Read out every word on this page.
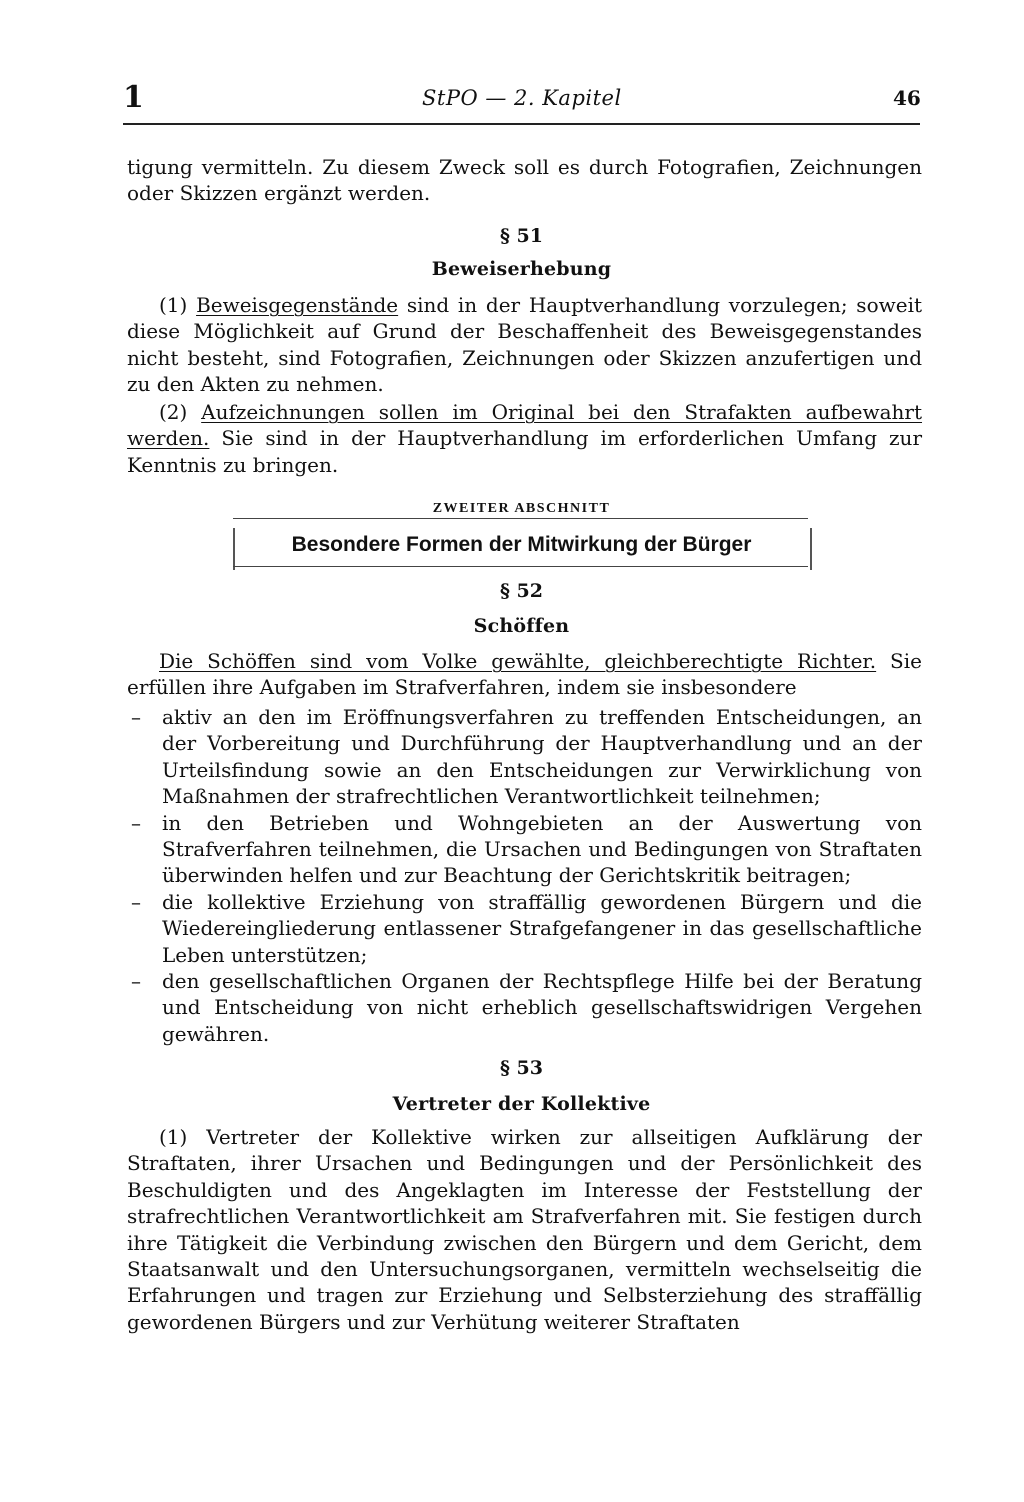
1	StPO — 2. Kapitel	46
tigung vermitteln. Zu diesem Zweck soll es durch Fotografien, Zeichnungen oder Skizzen ergänzt werden.
§ 51
Beweiserhebung
(1) Beweisgegenstände sind in der Hauptverhandlung vorzulegen; soweit diese Möglichkeit auf Grund der Beschaffenheit des Beweisgegenstandes nicht besteht, sind Fotografien, Zeichnungen oder Skizzen anzufertigen und zu den Akten zu nehmen.
(2) Aufzeichnungen sollen im Original bei den Strafakten aufbewahrt werden. Sie sind in der Hauptverhandlung im erforderlichen Umfang zur Kenntnis zu bringen.
ZWEITER ABSCHNITT
Besondere Formen der Mitwirkung der Bürger
§ 52
Schöffen
Die Schöffen sind vom Volke gewählte, gleichberechtigte Richter. Sie erfüllen ihre Aufgaben im Strafverfahren, indem sie insbesondere
– aktiv an den im Eröffnungsverfahren zu treffenden Entscheidungen, an der Vorbereitung und Durchführung der Hauptverhandlung und an der Urteilsfindung sowie an den Entscheidungen zur Verwirklichung von Maßnahmen der strafrechtlichen Verantwortlichkeit teilnehmen;
– in den Betrieben und Wohngebieten an der Auswertung von Strafverfahren teilnehmen, die Ursachen und Bedingungen von Straftaten überwinden helfen und zur Beachtung der Gerichtskritik beitragen;
– die kollektive Erziehung von straffällig gewordenen Bürgern und die Wiedereingliederung entlassener Strafgefangener in das gesellschaftliche Leben unterstützen;
– den gesellschaftlichen Organen der Rechtspflege Hilfe bei der Beratung und Entscheidung von nicht erheblich gesellschaftswidrigen Vergehen gewähren.
§ 53
Vertreter der Kollektive
(1) Vertreter der Kollektive wirken zur allseitigen Aufklärung der Straftaten, ihrer Ursachen und Bedingungen und der Persönlichkeit des Beschuldigten und des Angeklagten im Interesse der Feststellung der strafrechtlichen Verantwortlichkeit am Strafverfahren mit. Sie festigen durch ihre Tätigkeit die Verbindung zwischen den Bürgern und dem Gericht, dem Staatsanwalt und den Untersuchungsorganen, vermitteln wechselseitig die Erfahrungen und tragen zur Erziehung und Selbsterziehung des straffällig gewordenen Bürgers und zur Verhütung weiterer Straftaten
